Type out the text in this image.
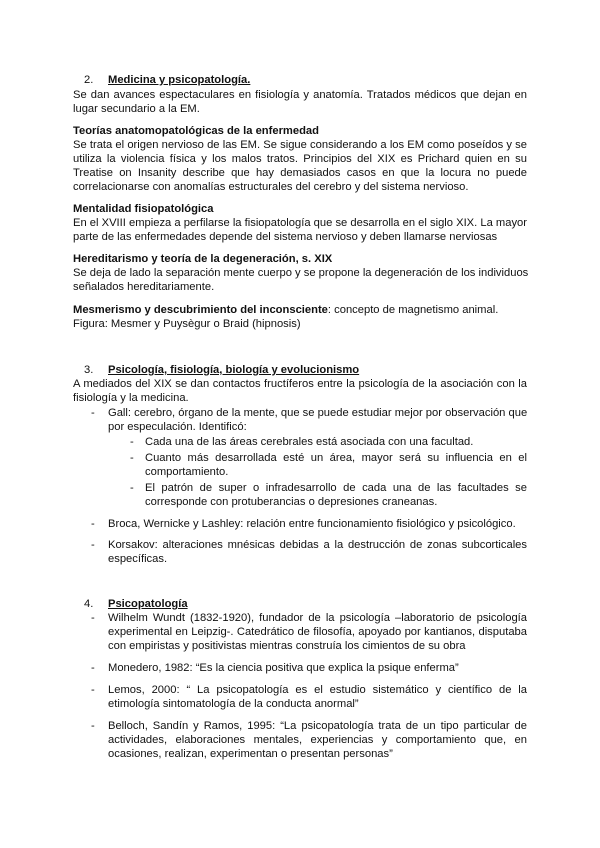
2. Medicina y psicopatología.
Se dan avances espectaculares en fisiología y anatomía. Tratados médicos que dejan en
lugar secundario a la EM.
Teorías anatomopatológicas de la enfermedad
Se trata el origen nervioso de las EM. Se sigue considerando a los EM como poseídos y se
utiliza la violencia física y los malos tratos. Principios del XIX es Prichard quien en su
Treatise on Insanity describe que hay demasiados casos en que la locura no puede
correlacionarse con anomalías estructurales del cerebro y del sistema nervioso.
Mentalidad fisiopatológica
En el XVIII empieza a perfilarse la fisiopatología que se desarrolla en el siglo XIX. La mayor
parte de las enfermedades depende del sistema nervioso y deben llamarse nerviosas
Hereditarismo y teoría de la degeneración, s. XIX
Se deja de lado la separación mente cuerpo y se propone la degeneración de los individuos
señalados hereditariamente.
Mesmerismo y descubrimiento del inconsciente: concepto de magnetismo animal.
Figura: Mesmer y Puysègur o Braid (hipnosis)
3. Psicología, fisiología, biología y evolucionismo
A mediados del XIX se dan contactos fructíferos entre la psicología de la asociación con la
fisiología y la medicina.
- Gall: cerebro, órgano de la mente, que se puede estudiar mejor por observación que
por especulación. Identificó:
- Cada una de las áreas cerebrales está asociada con una facultad.
- Cuanto más desarrollada esté un área, mayor será su influencia en el
comportamiento.
- El patrón de super o infradesarrollo de cada una de las facultades se
corresponde con protuberancias o depresiones craneanas.
- Broca, Wernicke y Lashley: relación entre funcionamiento fisiológico y psicológico.
- Korsakov: alteraciones mnésicas debidas a la destrucción de zonas subcorticales
específicas.
4. Psicopatología
- Wilhelm Wundt (1832-1920), fundador de la psicología –laboratorio de psicología
experimental en Leipzig-. Catedrático de filosofía, apoyado por kantianos, disputaba
con empiristas y positivistas mientras construía los cimientos de su obra
- Monedero, 1982: “Es la ciencia positiva que explica la psique enferma”
- Lemos, 2000: “ La psicopatología es el estudio sistemático y científico de la
etimología sintomatología de la conducta anormal”
- Belloch, Sandín y Ramos, 1995: “La psicopatología trata de un tipo particular de
actividades, elaboraciones mentales, experiencias y comportamiento que, en
ocasiones, realizan, experimentan o presentan personas”
